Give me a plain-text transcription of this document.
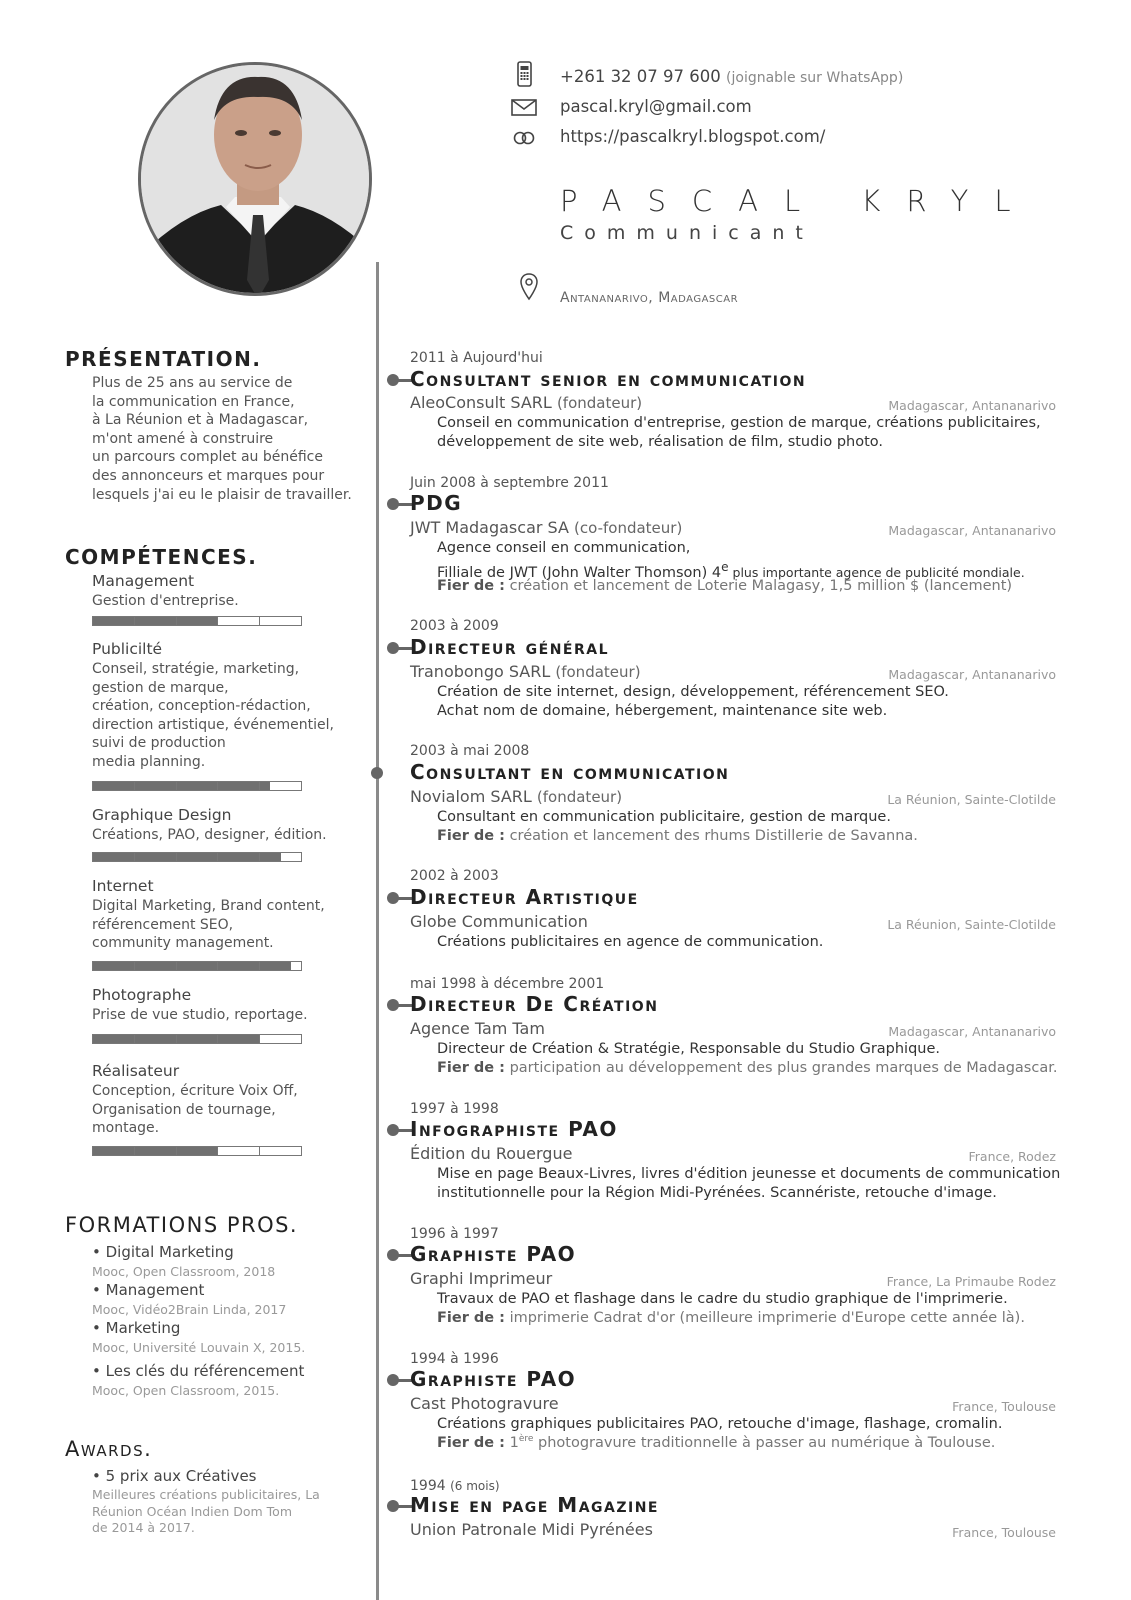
+261 32 07 97 600 (joignable sur WhatsApp)
pascal.kryl@gmail.com
https://pascalkryl.blogspot.com/
PASCAL KRYL
Communicant
Antananarivo, Madagascar
PRÉSENTATION.
Plus de 25 ans au service de
la communication en France,
à La Réunion et à Madagascar,
m'ont amené à construire
un parcours complet au bénéfice
des annonceurs et marques pour
lesquels j'ai eu le plaisir de travailler.
COMPÉTENCES.
Management
Gestion d'entreprise.
Publicilté
Conseil, stratégie, marketing,
gestion de marque,
création, conception-rédaction,
direction artistique, événementiel,
suivi de production
media planning.
Graphique Design
Créations, PAO, designer, édition.
Internet
Digital Marketing, Brand content,
référencement SEO,
community management.
Photographe
Prise de vue studio, reportage.
Réalisateur
Conception, écriture Voix Off,
Organisation de tournage,
montage.
FORMATIONS PROS.
• Digital Marketing
Mooc, Open Classroom, 2018
• Management
Mooc, Vidéo2Brain Linda, 2017
• Marketing
Mooc, Université Louvain X, 2015.
• Les clés du référencement
Mooc, Open Classroom, 2015.
Awards.
• 5 prix aux Créatives
Meilleures créations publicitaires, La
Réunion Océan Indien Dom Tom
de 2014 à 2017.
2011 à Aujourd'hui
Consultant senior en communication
AleoConsult SARL (fondateur)	Madagascar, Antananarivo
Conseil en communication d'entreprise, gestion de marque, créations publicitaires,
développement de site web, réalisation de film, studio photo.
Juin 2008 à septembre 2011
PDG
JWT Madagascar SA (co-fondateur)	Madagascar, Antananarivo
Agence conseil en communication,
Filliale de JWT (John Walter Thomson) 4e plus importante agence de publicité mondiale.
Fier de : création et lancement de Loterie Malagasy, 1,5 million $ (lancement)
2003 à 2009
Directeur général
Tranobongo SARL (fondateur)	Madagascar, Antananarivo
Création de site internet, design, développement, référencement SEO.
Achat nom de domaine, hébergement, maintenance site web.
2003 à mai 2008
Consultant en communication
Novialom SARL (fondateur)	La Réunion, Sainte-Clotilde
Consultant en communication publicitaire, gestion de marque.
Fier de : création et lancement des rhums Distillerie de Savanna.
2002 à 2003
Directeur Artistique
Globe Communication	La Réunion, Sainte-Clotilde
Créations publicitaires en agence de communication.
mai 1998 à décembre 2001
Directeur De Création
Agence Tam Tam	Madagascar, Antananarivo
Directeur de Création & Stratégie, Responsable du Studio Graphique.
Fier de : participation au développement des plus grandes marques de Madagascar.
1997 à 1998
Infographiste PAO
Édition du Rouergue	France, Rodez
Mise en page Beaux-Livres, livres d'édition jeunesse et documents de communication
institutionnelle pour la Région Midi-Pyrénées. Scannériste, retouche d'image.
1996 à 1997
Graphiste PAO
Graphi Imprimeur	France, La Primaube Rodez
Travaux de PAO et flashage dans le cadre du studio graphique de l'imprimerie.
Fier de : imprimerie Cadrat d'or (meilleure imprimerie d'Europe cette année là).
1994 à 1996
Graphiste PAO
Cast Photogravure	France, Toulouse
Créations graphiques publicitaires PAO, retouche d'image, flashage, cromalin.
Fier de : 1ère photogravure traditionnelle à passer au numérique à Toulouse.
1994 (6 mois)
Mise en page Magazine
Union Patronale Midi Pyrénées	France, Toulouse
